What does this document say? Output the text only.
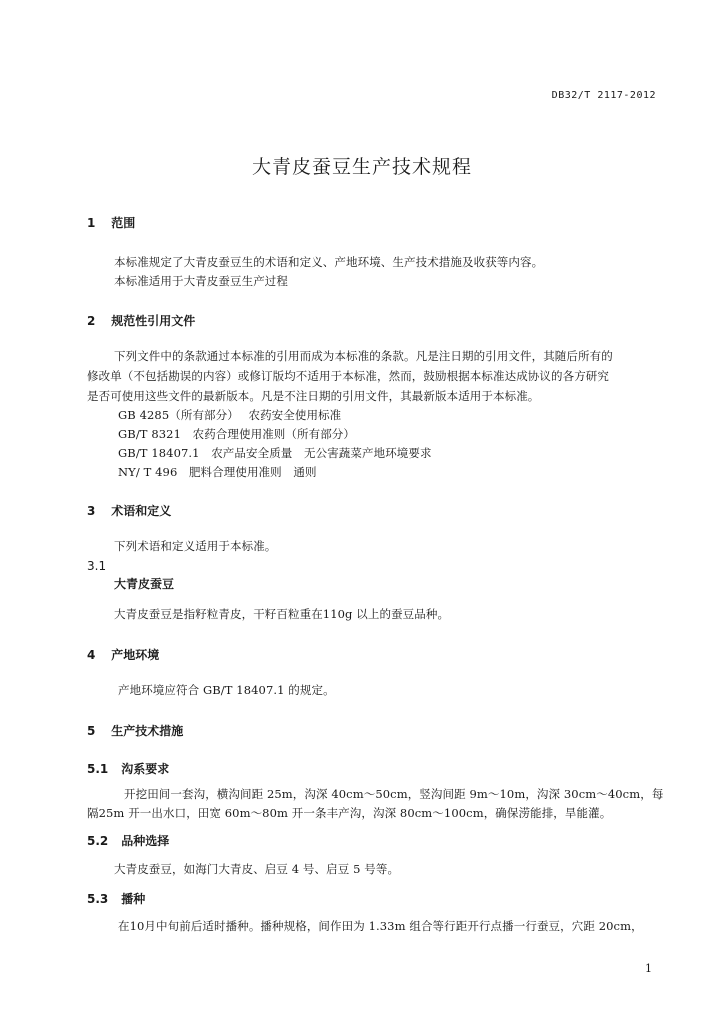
DB32/T 2117-2012
大青皮蚕豆生产技术规程
1 范围
本标准规定了大青皮蚕豆生的术语和定义、产地环境、生产技术措施及收获等内容。
本标准适用于大青皮蚕豆生产过程
2 规范性引用文件
下列文件中的条款通过本标准的引用而成为本标准的条款。凡是注日期的引用文件，其随后所有的
修改单（不包括勘误的内容）或修订版均不适用于本标准，然而，鼓励根据本标准达成协议的各方研究
是否可使用这些文件的最新版本。凡是不注日期的引用文件，其最新版本适用于本标准。
GB 4285（所有部分）　 农药安全使用标准
GB/T 8321　农药合理使用准则（所有部分）
GB/T 18407.1　农产品安全质量　无公害蔬菜产地环境要求
NY/ T 496　肥料合理使用准则　通则
3 术语和定义
下列术语和定义适用于本标准。
3.1
大青皮蚕豆
大青皮蚕豆是指籽粒青皮，干籽百粒重在110g 以上的蚕豆品种。
4 产地环境
产地环境应符合 GB/T 18407.1 的规定。
5 生产技术措施
5.1 沟系要求
开挖田间一套沟，横沟间距 25m，沟深 40cm～50cm，竖沟间距 9m～10m，沟深 30cm～40cm，每
隔25m 开一出水口，田宽 60m～80m 开一条丰产沟，沟深 80cm～100cm，确保涝能排，旱能灌。
5.2 品种选择
大青皮蚕豆，如海门大青皮、启豆 4 号、启豆 5 号等。
5.3 播种
在10月中旬前后适时播种。播种规格，间作田为 1.33m 组合等行距开行点播一行蚕豆，穴距 20cm，
1
